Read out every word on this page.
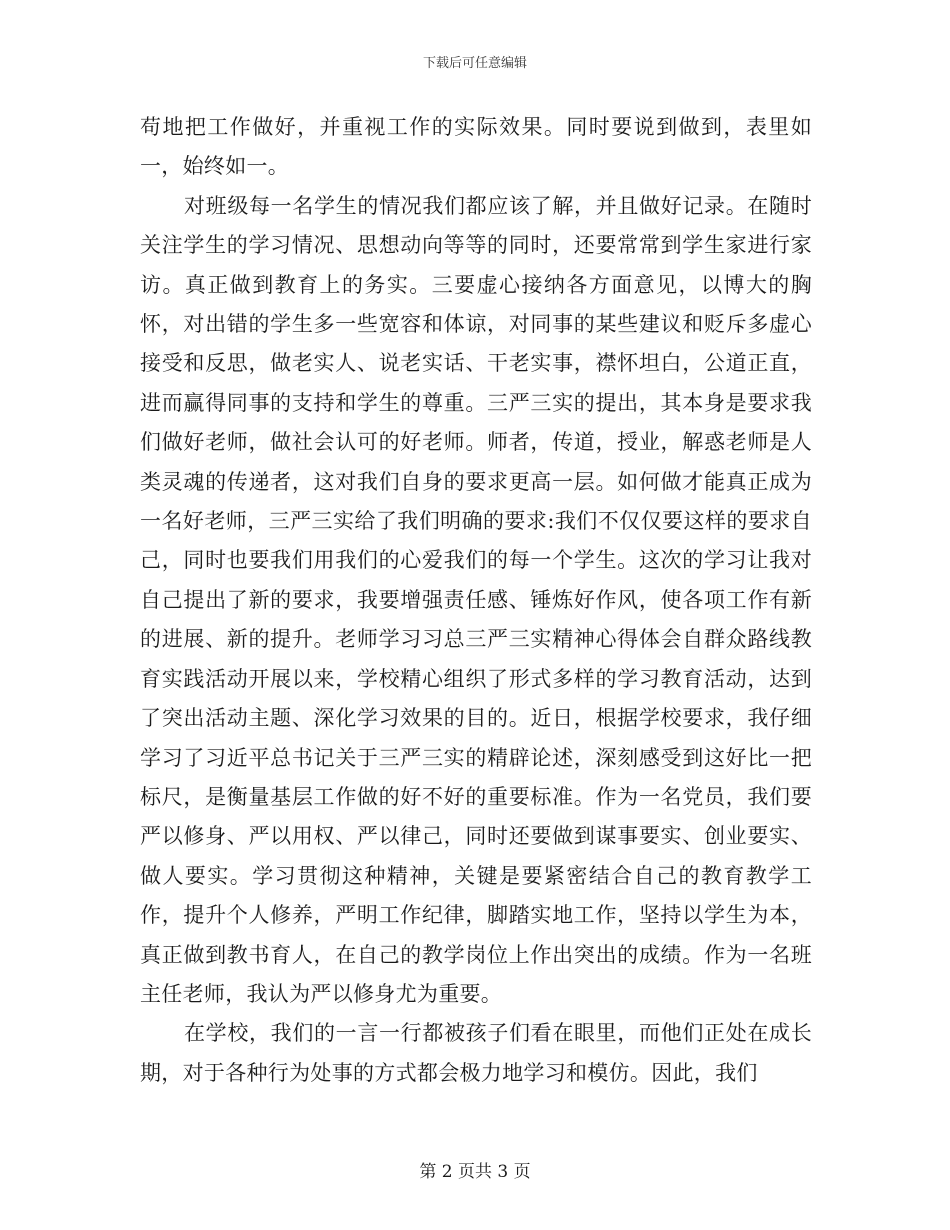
下载后可任意编辑

苟地把工作做好，并重视工作的实际效果。同时要说到做到，表里如一，始终如一。

对班级每一名学生的情况我们都应该了解，并且做好记录。在随时关注学生的学习情况、思想动向等等的同时，还要常常到学生家进行家访。真正做到教育上的务实。三要虚心接纳各方面意见，以博大的胸怀，对出错的学生多一些宽容和体谅，对同事的某些建议和贬斥多虚心接受和反思，做老实人、说老实话、干老实事，襟怀坦白，公道正直，进而赢得同事的支持和学生的尊重。三严三实的提出，其本身是要求我们做好老师，做社会认可的好老师。师者，传道，授业，解惑老师是人类灵魂的传递者，这对我们自身的要求更高一层。如何做才能真正成为一名好老师，三严三实给了我们明确的要求:我们不仅仅要这样的要求自己，同时也要我们用我们的心爱我们的每一个学生。这次的学习让我对自己提出了新的要求，我要增强责任感、锤炼好作风，使各项工作有新的进展、新的提升。老师学习习总三严三实精神心得体会自群众路线教育实践活动开展以来，学校精心组织了形式多样的学习教育活动，达到了突出活动主题、深化学习效果的目的。近日，根据学校要求，我仔细学习了习近平总书记关于三严三实的精辟论述，深刻感受到这好比一把标尺，是衡量基层工作做的好不好的重要标准。作为一名党员，我们要严以修身、严以用权、严以律己，同时还要做到谋事要实、创业要实、做人要实。学习贯彻这种精神，关键是要紧密结合自己的教育教学工作，提升个人修养，严明工作纪律，脚踏实地工作，坚持以学生为本，真正做到教书育人，在自己的教学岗位上作出突出的成绩。作为一名班主任老师，我认为严以修身尤为重要。

在学校，我们的一言一行都被孩子们看在眼里，而他们正处在成长期，对于各种行为处事的方式都会极力地学习和模仿。因此，我们

第 2 页共 3 页
